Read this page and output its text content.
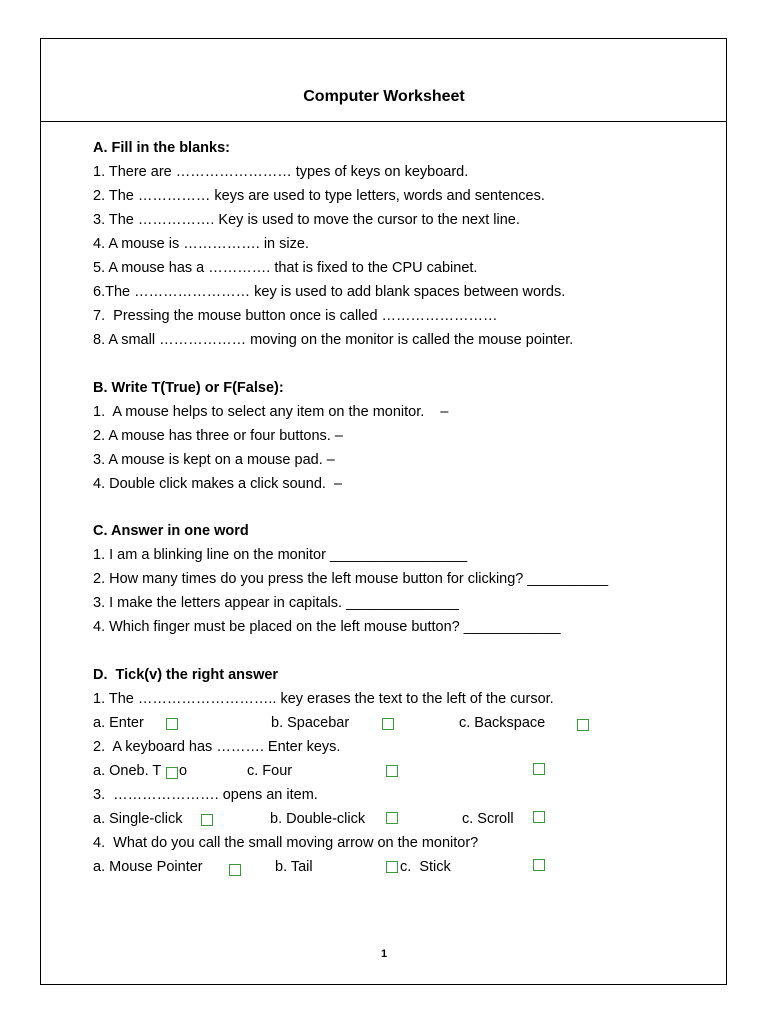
Computer Worksheet
A. Fill in the blanks:
1. There are …………………… types of keys on keyboard.
2. The …………… keys are used to type letters, words and sentences.
3. The ……………. Key is used to move the cursor to the next line.
4. A mouse is ……………. in size.
5. A mouse has a …………. that is fixed to the CPU cabinet.
6.The …………………… key is used to add blank spaces between words.
7.  Pressing the mouse button once is called ……………………
8. A small ……………… moving on the monitor is called the mouse pointer.
B. Write T(True) or F(False):
1.  A mouse helps to select any item on the monitor.    –
2. A mouse has three or four buttons. –
3. A mouse is kept on a mouse pad. –
4. Double click makes a click sound.  –
C. Answer in one word
1. I am a blinking line on the monitor _________________
2. How many times do you press the left mouse button for clicking? __________
3. I make the letters appear in capitals. ______________
4. Which finger must be placed on the left mouse button? ____________
D.  Tick(v) the right answer
1. The ……………………….. key erases the text to the left of the cursor.
a. Enter	b. Spacebar	c. Backspace
2.  A keyboard has ………. Enter keys.
a. Oneb. T o	c. Four
3.  …………………. opens an item.
a. Single-click	b. Double-click	c. Scroll
4.  What do you call the small moving arrow on the monitor?
a. Mouse Pointer	b. Tail	c.  Stick
1
